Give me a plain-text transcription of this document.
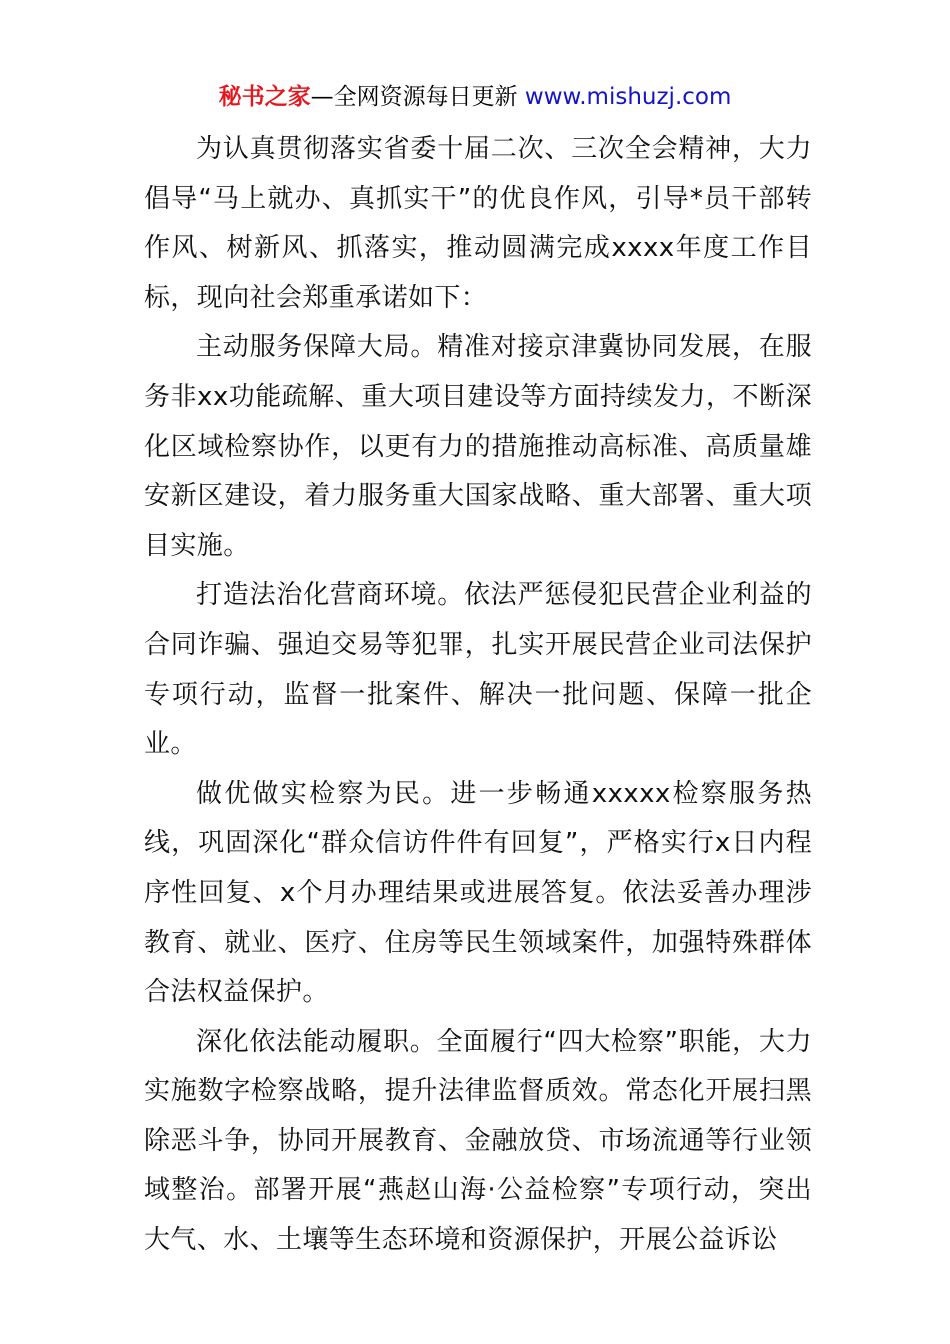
秘书之家—全网资源每日更新 www.mishuzj.com

为认真贯彻落实省委十届二次、三次全会精神，大力倡导“马上就办、真抓实干”的优良作风，引导*员干部转作风、树新风、抓落实，推动圆满完成xxxx年度工作目标，现向社会郑重承诺如下：

主动服务保障大局。精准对接京津冀协同发展，在服务非xx功能疏解、重大项目建设等方面持续发力，不断深化区域检察协作，以更有力的措施推动高标准、高质量雄安新区建设，着力服务重大国家战略、重大部署、重大项目实施。

打造法治化营商环境。依法严惩侵犯民营企业利益的合同诈骗、强迫交易等犯罪，扎实开展民营企业司法保护专项行动，监督一批案件、解决一批问题、保障一批企业。

做优做实检察为民。进一步畅通xxxxx检察服务热线，巩固深化“群众信访件件有回复”，严格实行x日内程序性回复、x个月办理结果或进展答复。依法妥善办理涉教育、就业、医疗、住房等民生领域案件，加强特殊群体合法权益保护。

深化依法能动履职。全面履行“四大检察”职能，大力实施数字检察战略，提升法律监督质效。常态化开展扫黑除恶斗争，协同开展教育、金融放贷、市场流通等行业领域整治。部署开展“燕赵山海·公益检察”专项行动，突出大气、水、土壤等生态环境和资源保护，开展公益诉讼
